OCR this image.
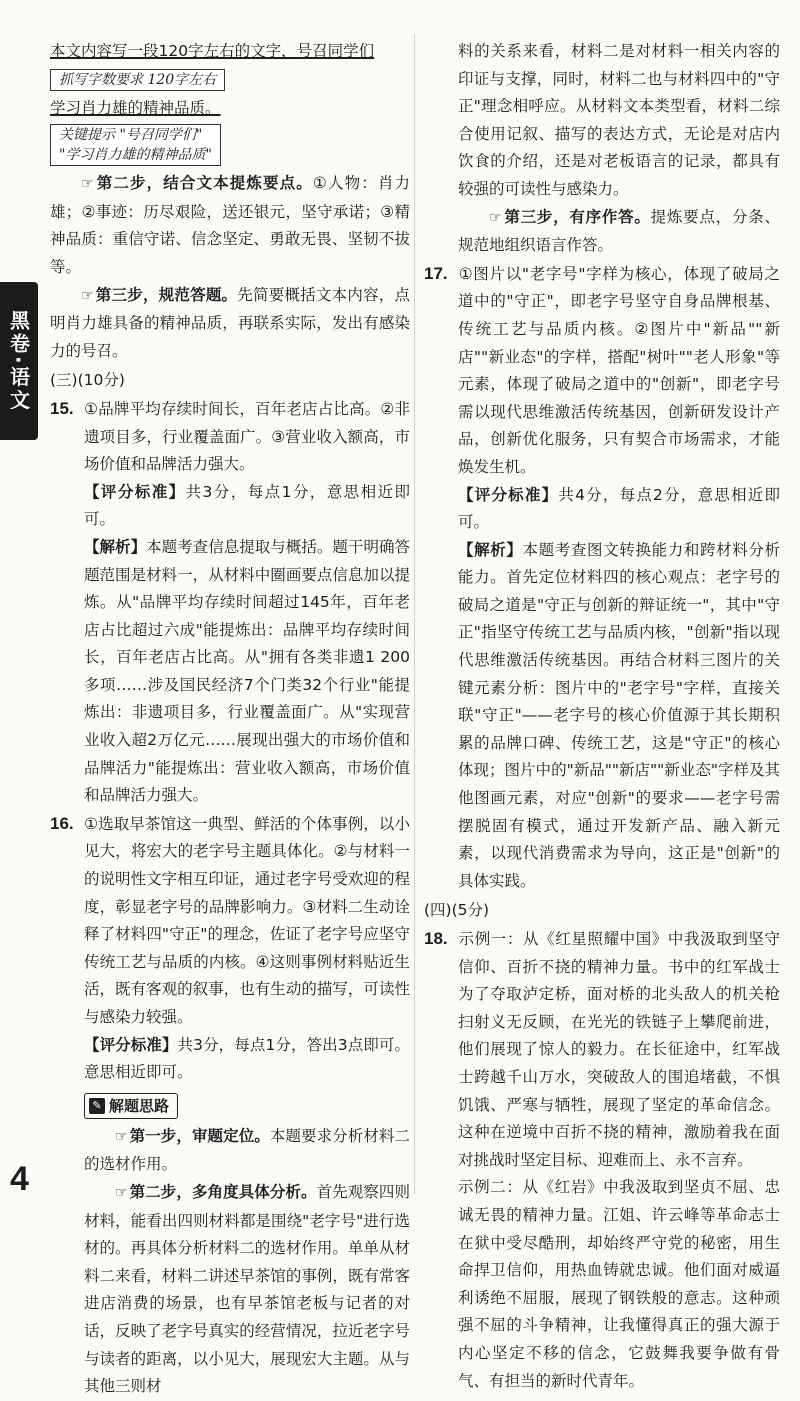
黑卷·语文
4

本文内容写一段120字左右的文字，号召同学们

抓写字数要求 120字左右

学习肖力雄的精神品质。

关键提示 "号召同学们"
"学习肖力雄的精神品质"

☞ 第二步，结合文本提炼要点。①人物：肖力雄；②事迹：历尽艰险，送还银元，坚守承诺；③精神品质：重信守诺、信念坚定、勇敢无畏、坚韧不拔等。

☞ 第三步，规范答题。先简要概括文本内容，点明肖力雄具备的精神品质，再联系实际，发出有感染力的号召。

(三)(10分)

15. ①品牌平均存续时间长，百年老店占比高。②非遗项目多，行业覆盖面广。③营业收入额高，市场价值和品牌活力强大。

【评分标准】共3分，每点1分，意思相近即可。

【解析】本题考查信息提取与概括。题干明确答题范围是材料一，从材料中圈画要点信息加以提炼。从"品牌平均存续时间超过145年，百年老店占比超过六成"能提炼出：品牌平均存续时间长，百年老店占比高。从"拥有各类非遗1 200多项……涉及国民经济7个门类32个行业"能提炼出：非遗项目多，行业覆盖面广。从"实现营业收入超2万亿元……展现出强大的市场价值和品牌活力"能提炼出：营业收入额高，市场价值和品牌活力强大。

16. ①选取早茶馆这一典型、鲜活的个体事例，以小见大，将宏大的老字号主题具体化。②与材料一的说明性文字相互印证，通过老字号受欢迎的程度，彰显老字号的品牌影响力。③材料二生动诠释了材料四"守正"的理念，佐证了老字号应坚守传统工艺与品质的内核。④这则事例材料贴近生活，既有客观的叙事，也有生动的描写，可读性与感染力较强。

【评分标准】共3分，每点1分，答出3点即可。意思相近即可。

✎ 解题思路

☞ 第一步，审题定位。本题要求分析材料二的选材作用。

☞ 第二步，多角度具体分析。首先观察四则材料，能看出四则材料都是围绕"老字号"进行选材的。再具体分析材料二的选材作用。单单从材料二来看，材料二讲述早茶馆的事例，既有常客进店消费的场景，也有早茶馆老板与记者的对话，反映了老字号真实的经营情况，拉近老字号与读者的距离，以小见大，展现宏大主题。从与其他三则材

料的关系来看，材料二是对材料一相关内容的印证与支撑，同时，材料二也与材料四中的"守正"理念相呼应。从材料文本类型看，材料二综合使用记叙、描写的表达方式，无论是对店内饮食的介绍，还是对老板语言的记录，都具有较强的可读性与感染力。

☞ 第三步，有序作答。提炼要点，分条、规范地组织语言作答。

17. ①图片以"老字号"字样为核心，体现了破局之道中的"守正"，即老字号坚守自身品牌根基、传统工艺与品质内核。②图片中"新品""新店""新业态"的字样，搭配"树叶""老人形象"等元素，体现了破局之道中的"创新"，即老字号需以现代思维激活传统基因，创新研发设计产品，创新优化服务，只有契合市场需求，才能焕发生机。

【评分标准】共4分，每点2分，意思相近即可。

【解析】本题考查图文转换能力和跨材料分析能力。首先定位材料四的核心观点：老字号的破局之道是"守正与创新的辩证统一"，其中"守正"指坚守传统工艺与品质内核，"创新"指以现代思维激活传统基因。再结合材料三图片的关键元素分析：图片中的"老字号"字样，直接关联"守正"——老字号的核心价值源于其长期积累的品牌口碑、传统工艺，这是"守正"的核心体现；图片中的"新品""新店""新业态"字样及其他图画元素，对应"创新"的要求——老字号需摆脱固有模式，通过开发新产品、融入新元素，以现代消费需求为导向，这正是"创新"的具体实践。

(四)(5分)

18. 示例一：从《红星照耀中国》中我汲取到坚守信仰、百折不挠的精神力量。书中的红军战士为了夺取泸定桥，面对桥的北头敌人的机关枪扫射义无反顾，在光光的铁链子上攀爬前进，他们展现了惊人的毅力。在长征途中，红军战士跨越千山万水，突破敌人的围追堵截，不惧饥饿、严寒与牺牲，展现了坚定的革命信念。这种在逆境中百折不挠的精神，激励着我在面对挑战时坚定目标、迎难而上、永不言弃。

示例二：从《红岩》中我汲取到坚贞不屈、忠诚无畏的精神力量。江姐、许云峰等革命志士在狱中受尽酷刑，却始终严守党的秘密，用生命捍卫信仰，用热血铸就忠诚。他们面对威逼利诱绝不屈服，展现了钢铁般的意志。这种顽强不屈的斗争精神，让我懂得真正的强大源于内心坚定不移的信念，它鼓舞我要争做有骨气、有担当的新时代青年。
